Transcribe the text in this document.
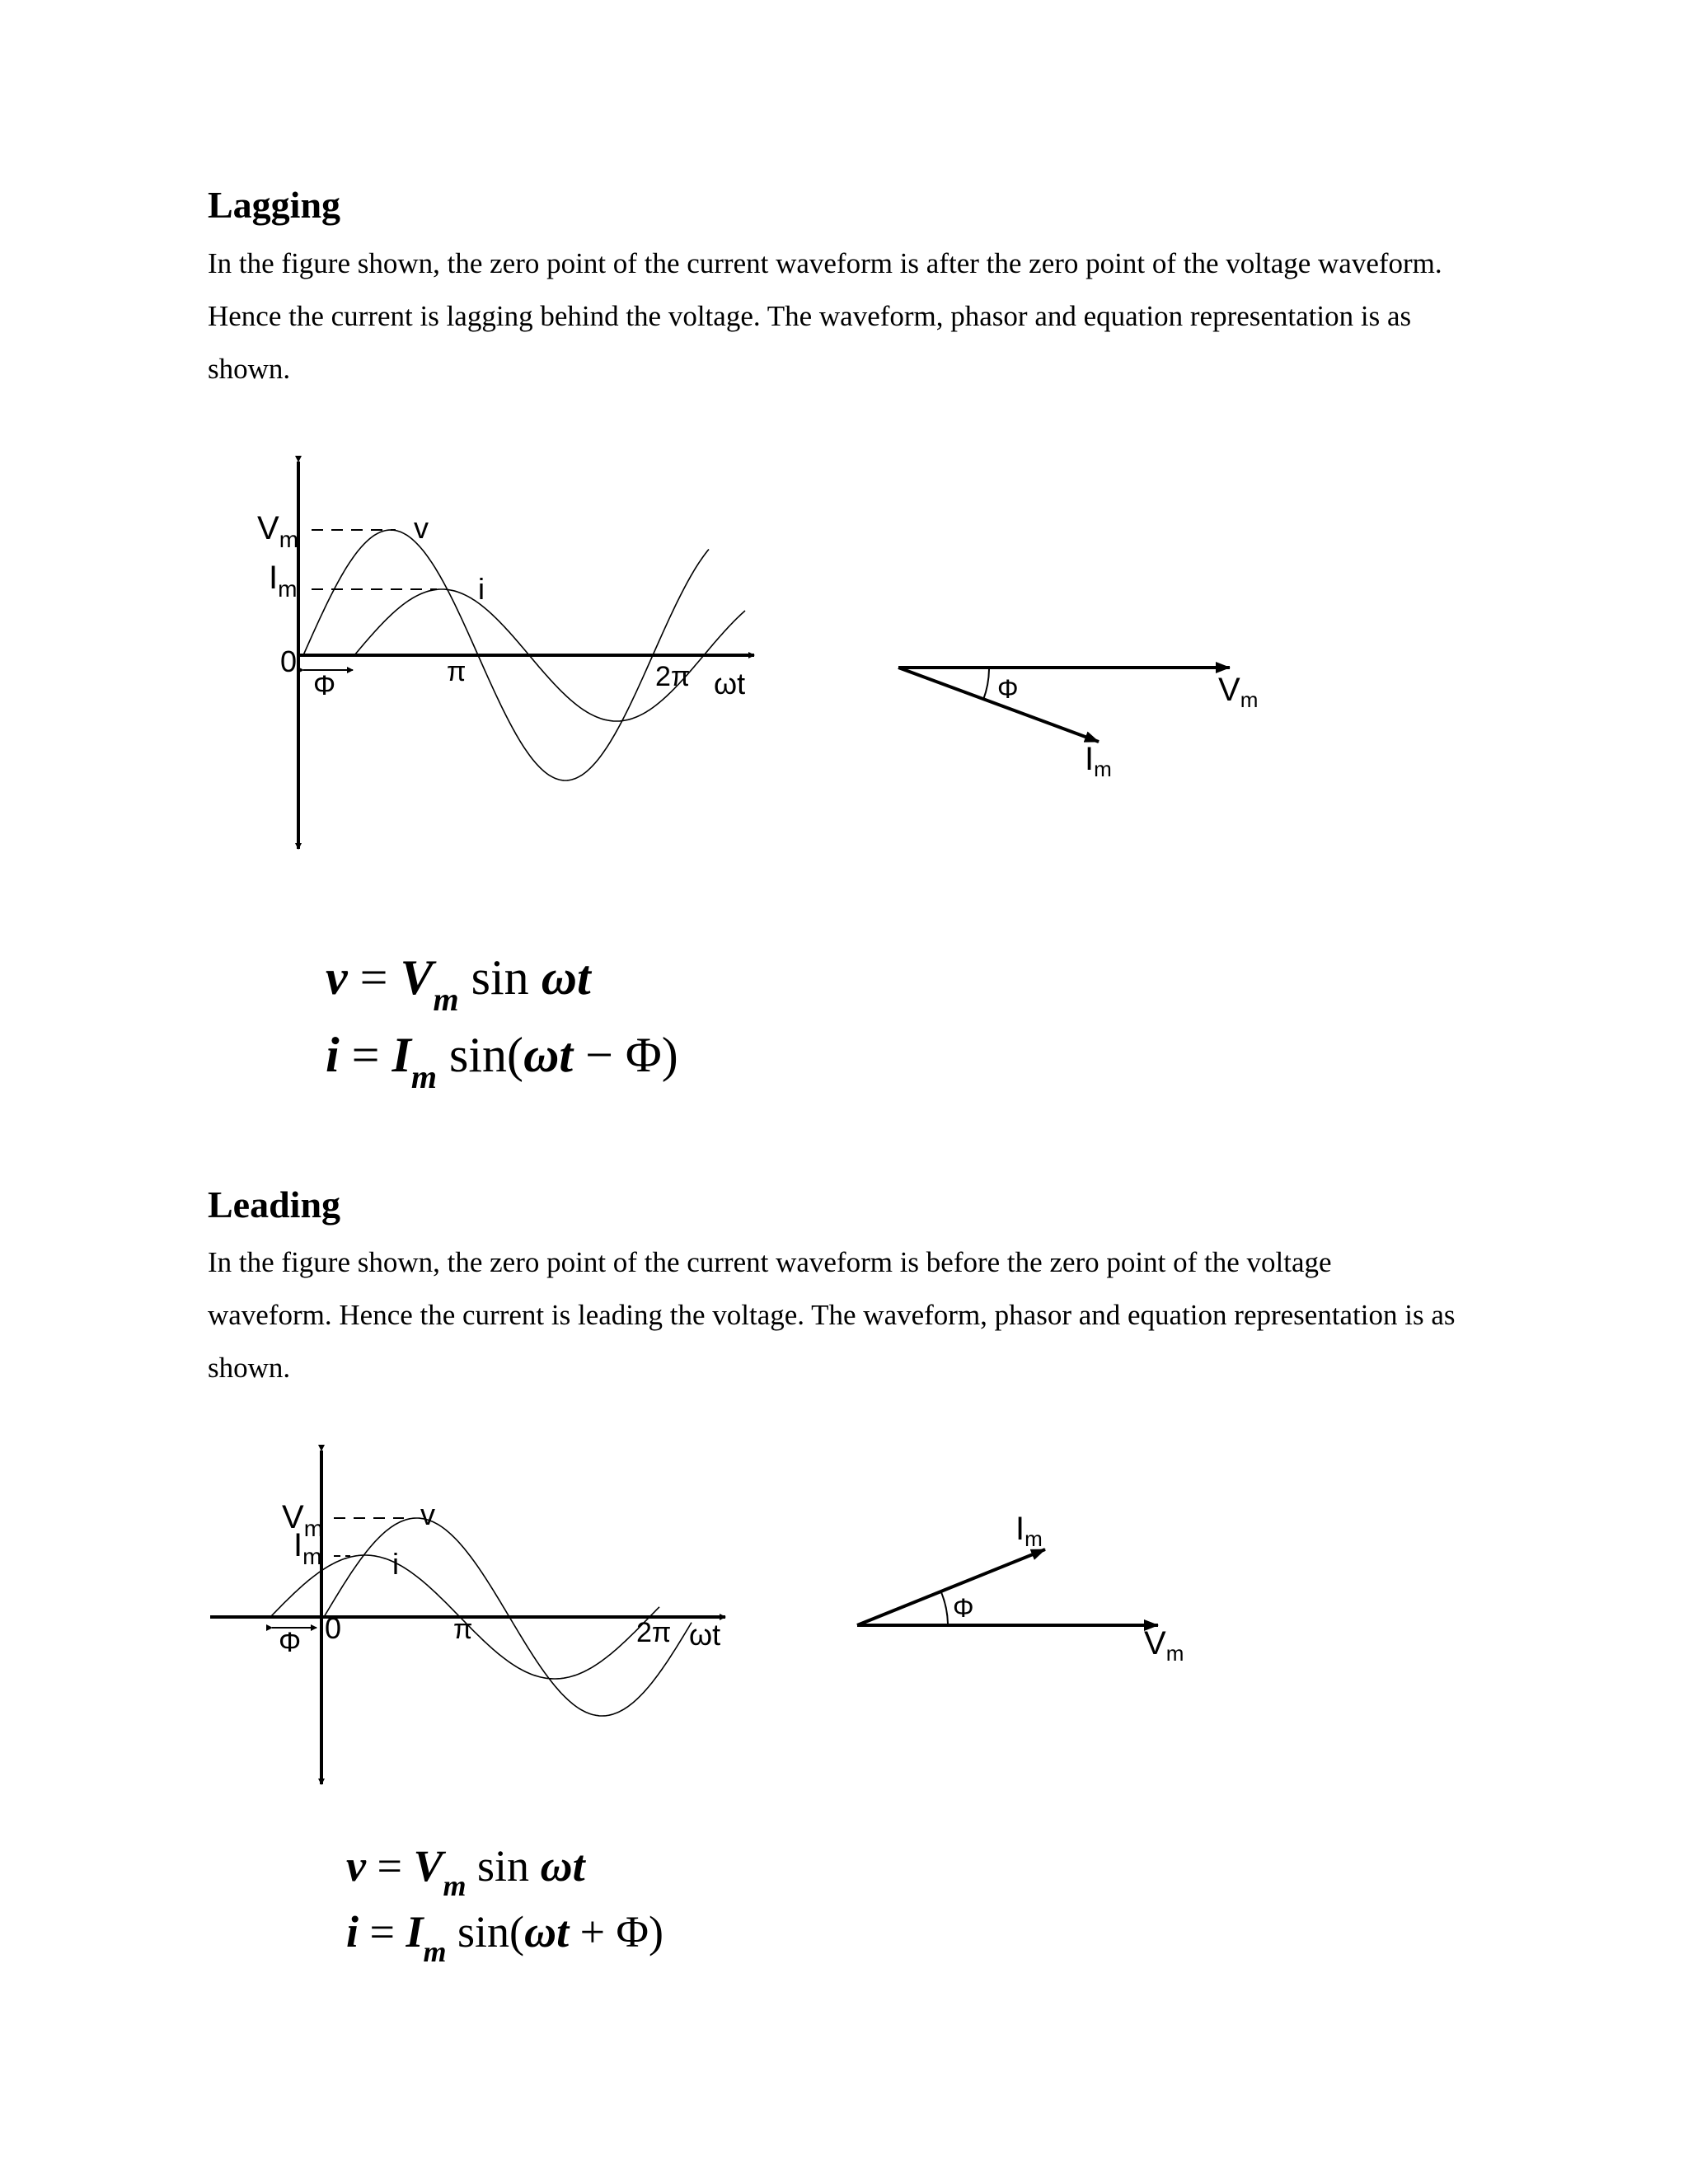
Lagging

In the figure shown, the zero point of the current waveform is after the zero point of the voltage waveform. Hence the current is lagging behind the voltage. The waveform, phasor and equation representation is as shown.

$V_m$
$I_m$
0
Φ	π	2π ωt
v
i
Φ	$V_m$
$I_m$
$v = V_m$ sin ωt
$i = I_m$ sin(ωt − Φ)
$V_m$
$I_m$
0
Φ	π	2π ωt
v
i
Φ
$V_m$
$I_m$
$v = V_m$ sin ωt
$i = I_m$ sin(ωt + Φ)
Leading

In the figure shown, the zero point of the current waveform is before the zero point of the voltage waveform. Hence the current is leading the voltage. The waveform, phasor and equation representation is as shown.
